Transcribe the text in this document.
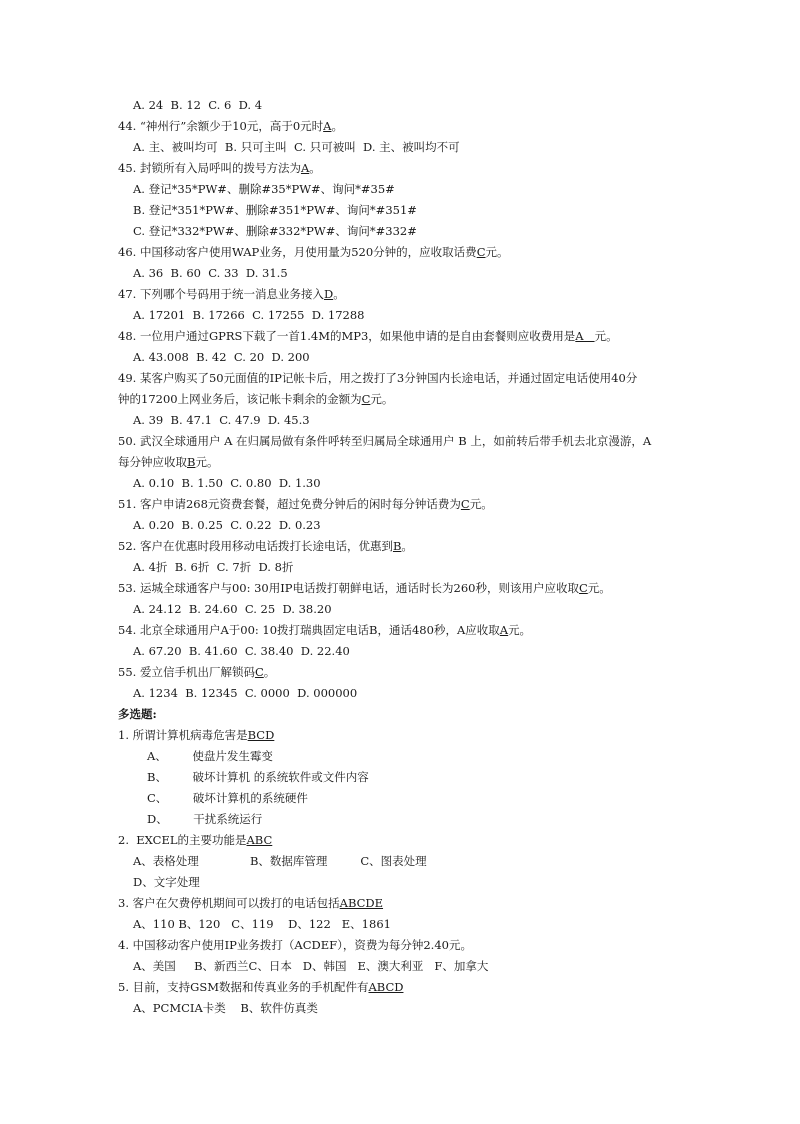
A. 24  B. 12  C. 6  D. 4
44. “神州行”余额少于10元，高于0元时A。
A. 主、被叫均可  B. 只可主叫  C. 只可被叫  D. 主、被叫均不可
45. 封锁所有入局呼叫的拨号方法为A。
A. 登记*35*PW#、删除#35*PW#、询问*#35#
B. 登记*351*PW#、删除#351*PW#、询问*#351#
C. 登记*332*PW#、删除#332*PW#、询问*#332#
46. 中国移动客户使用WAP业务，月使用量为520分钟的，应收取话费C元。
A. 36  B. 60  C. 33  D. 31.5
47. 下列哪个号码用于统一消息业务接入D。
A. 17201  B. 17266  C. 17255  D. 17288
48. 一位用户通过GPRS下载了一首1.4M的MP3，如果他申请的是自由套餐则应收费用是A   元。
A. 43.008  B. 42  C. 20  D. 200
49. 某客户购买了50元面值的IP记帐卡后，用之拨打了3分钟国内长途电话，并通过固定电话使用40分
钟的17200上网业务后，该记帐卡剩余的金额为C元。
A. 39  B. 47.1  C. 47.9  D. 45.3
50. 武汉全球通用户 A 在归属局做有条件呼转至归属局全球通用户 B 上，如前转后带手机去北京漫游，A
每分钟应收取B元。
A. 0.10  B. 1.50  C. 0.80  D. 1.30
51. 客户申请268元资费套餐，超过免费分钟后的闲时每分钟话费为C元。
A. 0.20  B. 0.25  C. 0.22  D. 0.23
52. 客户在优惠时段用移动电话拨打长途电话，优惠到B。
A. 4折  B. 6折  C. 7折  D. 8折
53. 运城全球通客户与00: 30用IP电话拨打朝鲜电话，通话时长为260秒，则该用户应收取C元。
A. 24.12  B. 24.60  C. 25  D. 38.20
54. 北京全球通用户A于00: 10拨打瑞典固定电话B，通话480秒，A应收取A元。
A. 67.20  B. 41.60  C. 38.40  D. 22.40
55. 爱立信手机出厂解锁码C。
A. 1234  B. 12345  C. 0000  D. 000000
多选题:
1. 所谓计算机病毒危害是BCD
A、       使盘片发生霉变
B、       破坏计算机 的系统软件或文件内容
C、       破坏计算机的系统硬件
D、       干扰系统运行
2.  EXCEL的主要功能是ABC
A、表格处理              B、数据库管理         C、图表处理
D、文字处理
3. 客户在欠费停机期间可以拨打的电话包括ABCDE
A、110 B、120   C、119    D、122   E、1861
4. 中国移动客户使用IP业务拨打（ACDEF），资费为每分钟2.40元。
A、美国     B、新西兰C、日本   D、韩国   E、澳大利亚   F、加拿大
5. 目前，支持GSM数据和传真业务的手机配件有ABCD
A、PCMCIA卡类    B、软件仿真类
